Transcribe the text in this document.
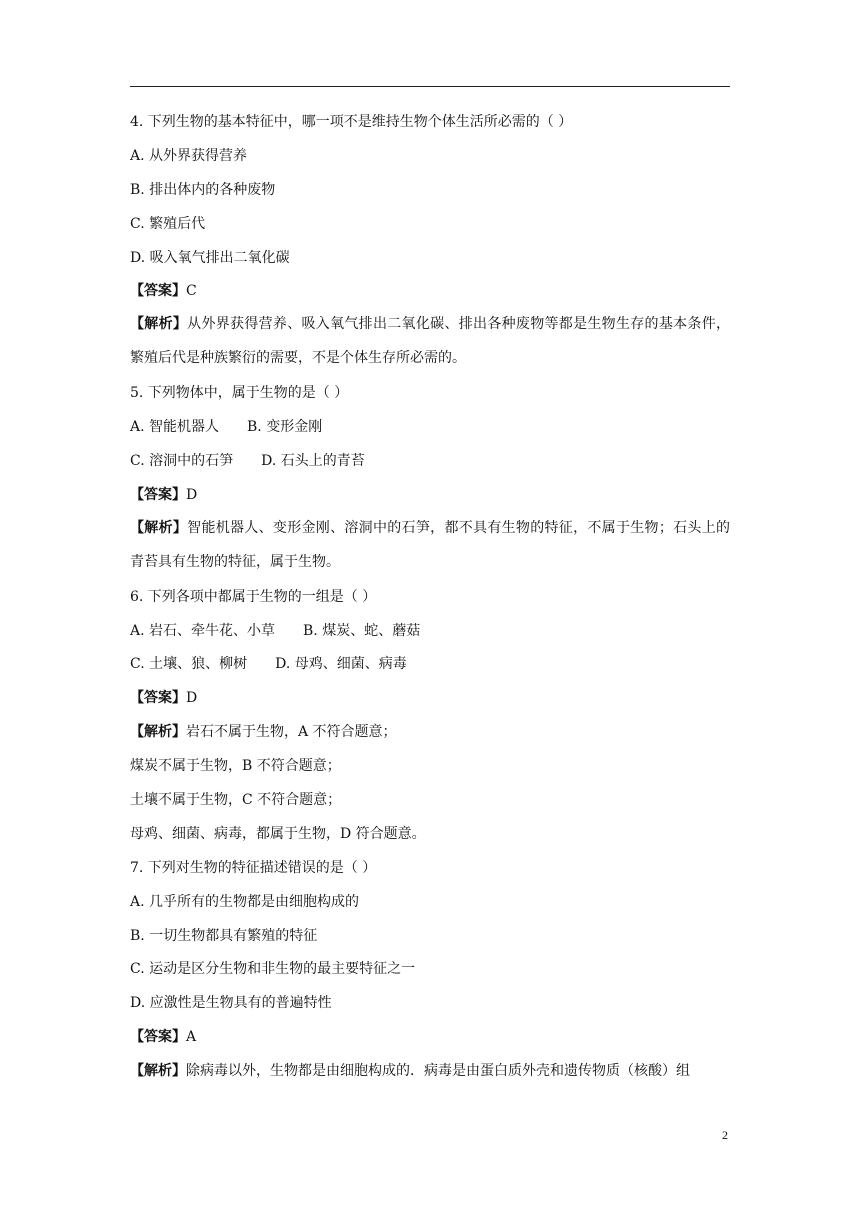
4. 下列生物的基本特征中，哪一项不是维持生物个体生活所必需的（ ）
A. 从外界获得营养
B. 排出体内的各种废物
C. 繁殖后代
D. 吸入氧气排出二氧化碳
【答案】C
【解析】从外界获得营养、吸入氧气排出二氧化碳、排出各种废物等都是生物生存的基本条件，繁殖后代是种族繁衍的需要，不是个体生存所必需的。
5. 下列物体中，属于生物的是（ ）
A. 智能机器人 B. 变形金刚
C. 溶洞中的石笋 D. 石头上的青苔
【答案】D
【解析】智能机器人、变形金刚、溶洞中的石笋，都不具有生物的特征，不属于生物；石头上的青苔具有生物的特征，属于生物。
6. 下列各项中都属于生物的一组是（ ）
A. 岩石、牵牛花、小草 B. 煤炭、蛇、蘑菇
C. 土壤、狼、柳树 D. 母鸡、细菌、病毒
【答案】D
【解析】岩石不属于生物，A 不符合题意；
煤炭不属于生物，B 不符合题意；
土壤不属于生物，C 不符合题意；
母鸡、细菌、病毒，都属于生物，D 符合题意。
7. 下列对生物的特征描述错误的是（ ）
A. 几乎所有的生物都是由细胞构成的
B. 一切生物都具有繁殖的特征
C. 运动是区分生物和非生物的最主要特征之一
D. 应激性是生物具有的普遍特性
【答案】A
【解析】除病毒以外，生物都是由细胞构成的．病毒是由蛋白质外壳和遗传物质（核酸）组
2
